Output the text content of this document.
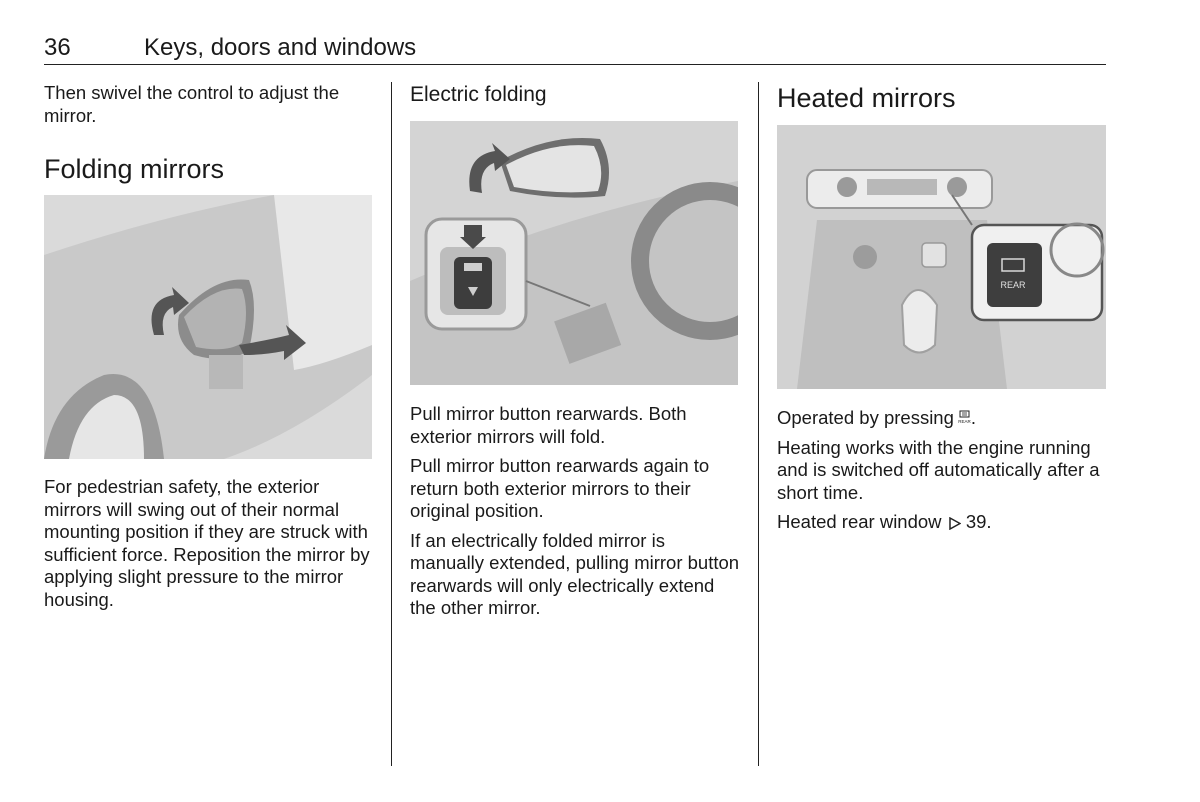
36	Keys, doors and windows

Then swivel the control to adjust the mirror.

Folding mirrors

For pedestrian safety, the exterior mirrors will swing out of their normal mounting position if they are struck with sufficient force. Reposition the mirror by applying slight pressure to the mirror housing.

Electric folding

Pull mirror button rearwards. Both exterior mirrors will fold.

Pull mirror button rearwards again to return both exterior mirrors to their original position.

If an electrically folded mirror is manually extended, pulling mirror button rearwards will only electrically extend the other mirror.

Heated mirrors
REAR

Operated by pressing REAR .

Heating works with the engine running and is switched off automatically after a short time.

Heated rear window 39.
